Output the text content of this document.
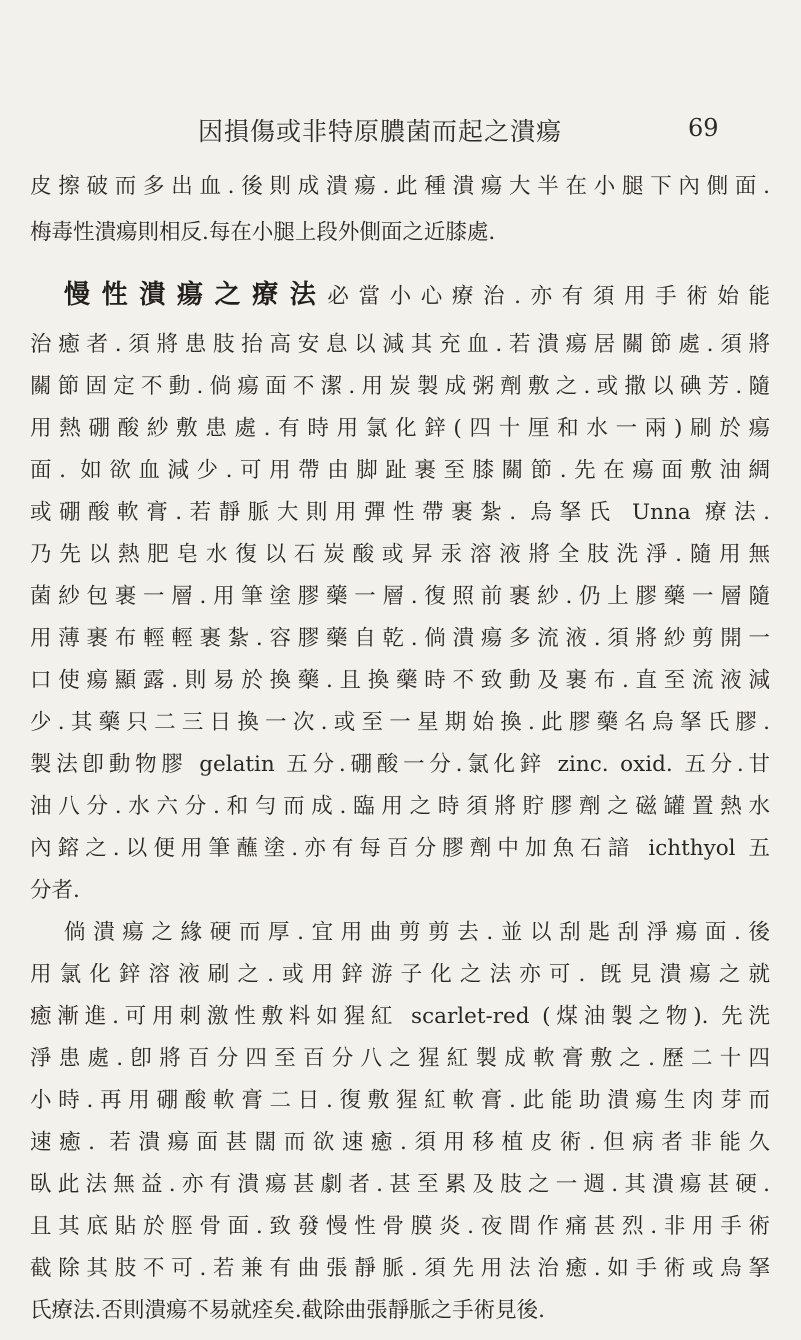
因損傷或非特原膿菌而起之潰瘍	69
皮擦破而多出血.後則成潰瘍.此種潰瘍大半在小腿下內側面.
梅毒性潰瘍則相反.每在小腿上段外側面之近膝處.
慢性潰瘍之療法必當小心療治.亦有須用手術始能
治癒者.須將患肢抬高安息以減其充血.若潰瘍居關節處.須將
關節固定不動.倘瘍面不潔.用炭製成粥劑敷之.或撒以碘芳.隨
用熱硼酸紗敷患處.有時用氯化鋅(四十厘和水一兩)刷於瘍
面. 如欲血減少.可用帶由脚趾裹至膝關節.先在瘍面敷油綢
或硼酸軟膏.若靜脈大則用彈性帶裹紮. 烏拏氏 Unna 療法.
乃先以熱肥皂水復以石炭酸或昇汞溶液將全肢洗淨.隨用無
菌紗包裹一層.用筆塗膠藥一層.復照前裹紗.仍上膠藥一層隨
用薄裹布輕輕裹紮.容膠藥自乾.倘潰瘍多流液.須將紗剪開一
口使瘍顯露.則易於換藥.且換藥時不致動及裹布.直至流液減
少.其藥只二三日換一次.或至一星期始換.此膠藥名烏拏氏膠.
製法卽動物膠 gelatin 五分.硼酸一分.氯化鋅 zinc. oxid. 五分.甘
油八分.水六分.和勻而成.臨用之時須將貯膠劑之磁罐置熱水
內鎔之.以便用筆蘸塗.亦有每百分膠劑中加魚石諳 ichthyol 五
分者.
倘潰瘍之緣硬而厚.宜用曲剪剪去.並以刮匙刮淨瘍面.後
用氯化鋅溶液刷之.或用鋅游子化之法亦可. 旣見潰瘍之就
癒漸進.可用刺激性敷料如猩紅 scarlet-red (煤油製之物). 先洗
淨患處.卽將百分四至百分八之猩紅製成軟膏敷之.歷二十四
小時.再用硼酸軟膏二日.復敷猩紅軟膏.此能助潰瘍生肉芽而
速癒. 若潰瘍面甚闊而欲速癒.須用移植皮術.但病者非能久
臥此法無益.亦有潰瘍甚劇者.甚至累及肢之一週.其潰瘍甚硬.
且其底貼於脛骨面.致發慢性骨膜炎.夜間作痛甚烈.非用手術
截除其肢不可.若兼有曲張靜脈.須先用法治癒.如手術或烏拏
氏療法.否則潰瘍不易就痊矣.截除曲張靜脈之手術見後.
